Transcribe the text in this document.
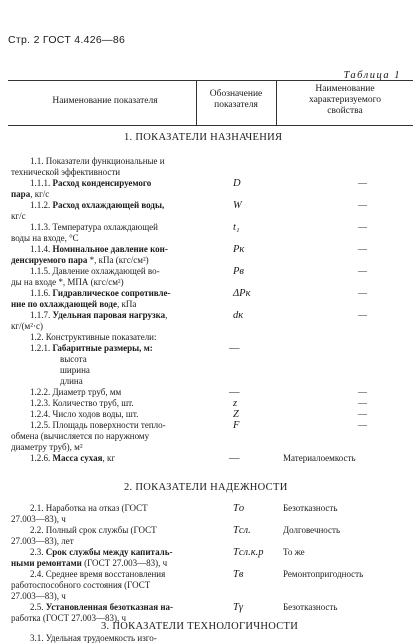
Стр. 2 ГОСТ 4.426—86
Таблица 1
Наименование показателя
Обозначение
показателя
Наименование
характеризуемого
свойства
1. ПОКАЗАТЕЛИ НАЗНАЧЕНИЯ
2. ПОКАЗАТЕЛИ НАДЕЖНОСТИ
3. ПОКАЗАТЕЛИ ТЕХНОЛОГИЧНОСТИ
1.1. Показатели функциональные и
технической эффективности
1.1.1. Расход конденсируемого	D	—
пара, кг/с
1.1.2. Расход охлаждающей воды,	W	—
кг/с
1.1.3. Температура охлаждающей	t₁	—
воды на входе, °С
1.1.4. Номинальное давление кон-	Pк	—
денсируемого пара *, кПа (кгс/см²)
1.1.5. Давление охлаждающей во-	Pв	—
ды на входе *, МПА (кгс/см²)
1.1.6. Гидравлическое сопротивле-	ΔPк	—
ние по охлаждающей воде, кПа
1.1.7. Удельная паровая нагрузка,	dк	—
кг/(м²·с)
1.2. Конструктивные показатели:
1.2.1. Габаритные размеры, м:	—
высота
ширина
длина
1.2.2. Диаметр труб, мм	—	—
1.2.3. Количество труб, шт.	z	—
1.2.4. Число ходов воды, шт.	Z	—
1.2.5. Площадь поверхности тепло-	F	—
обмена (вычисляется по наружному
диаметру труб), м²
1.2.6. Масса сухая, кг	—	Материалоемкость
2.1. Наработка на отказ (ГОСТ	Tо	Безотказность
27.003—83), ч
2.2. Полный срок службы (ГОСТ	Tсл.	Долговечность
27.003—83), лет
2.3. Срок службы между капиталь-	Tсл.к.р То же
ными ремонтами (ГОСТ 27.003—83), ч
2.4. Среднее время восстановления	Tв	Ремонтопригодность
работоспособного состояния (ГОСТ
27.003—83), ч
2.5. Установленная безотказная на-	Tγ	Безотказность
работка (ГОСТ 27.003—83), ч
3.1. Удельная трудоемкость изго-
